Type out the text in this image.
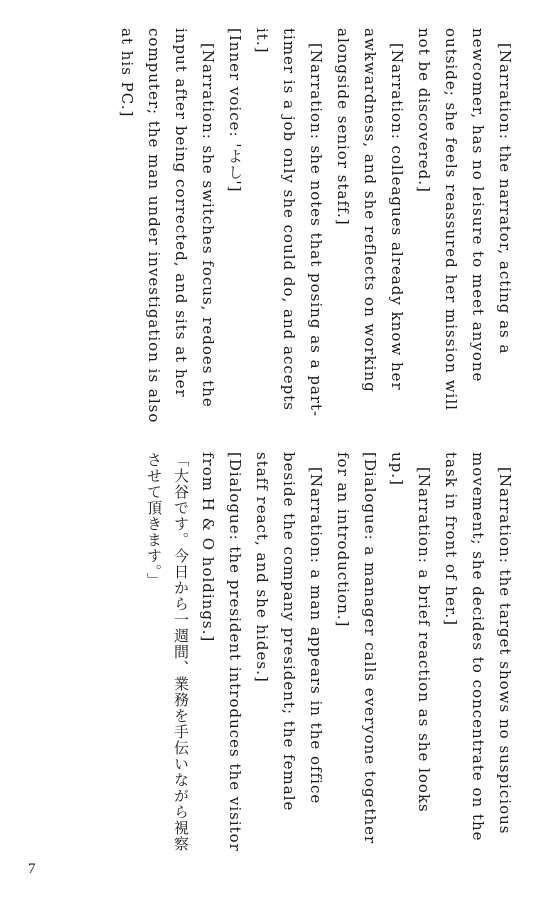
[Narration: the narrator, acting as a newcomer, has no leisure to meet anyone outside; she feels reassured her mission will not be discovered.]

[Narration: colleagues already know her awkwardness, and she reflects on working alongside senior staff.]

[Narration: she notes that posing as a part-timer is a job only she could do, and accepts it.]

[Inner voice: 'よし']

[Narration: she switches focus, redoes the input after being corrected, and sits at her computer; the man under investigation is also at his PC.]

[Narration: the target shows no suspicious movement; she decides to concentrate on the task in front of her.]

[Narration: a brief reaction as she looks up.]

[Dialogue: a manager calls everyone together for an introduction.]

[Narration: a man appears in the office beside the company president; the female staff react, and she hides.]

[Dialogue: the president introduces the visitor from H & O holdings.]

「大谷です。今日から一週間、業務を手伝いながら視察させて頂きます。」

7
